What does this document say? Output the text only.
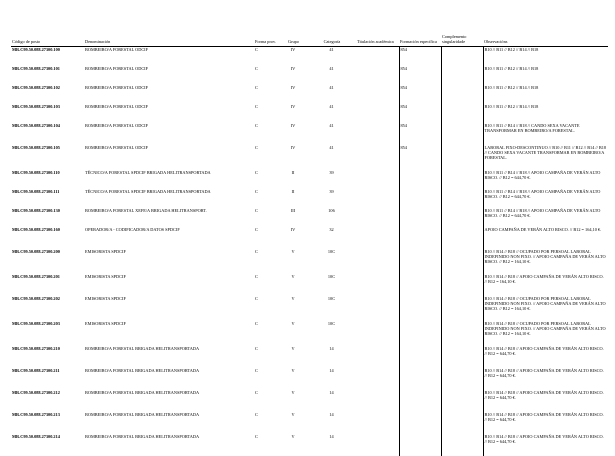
Código de posto	Denominación	Forma prov.	Grupo	Categoría	Titulación académica	Formación específica	Complemento singularidade	Observacións
MR.C99.50.088.27300.100	BOMBEIRO/A FORESTAL ODCIF	C	IV	41		854		B10 // B11 // B12 // B14 // B18
MR.C99.50.088.27300.101	BOMBEIRO/A FORESTAL ODCIF	C	IV	41		854		B10 // B11 // B12 // B14 // B18
MR.C99.50.088.27300.102	BOMBEIRO/A FORESTAL ODCIF	C	IV	41		854		B10 // B11 // B12 // B14 // B18
MR.C99.50.088.27300.103	BOMBEIRO/A FORESTAL ODCIF	C	IV	41		854		B10 // B11 // B12 // B14 // B18
MR.C99.50.088.27300.104	BOMBEIRO/A FORESTAL ODCIF	C	IV	41		854		B10 // B11 // B14 // B18 // CANDO SEXA VACANTE TRANSFORMAR EN BOMBEIRO/A FORESTAL.
MR.C99.50.088.27300.105	BOMBEIRO/A FORESTAL ODCIF	C	IV	41		854		LABORAL FIXO-DESCONTINUO // B10 // B11 // B12 // B14 // B18 // CANDO SEXA VACANTE TRANSFORMAR EN BOMBEIRO/A FORESTAL.
MR.C99.50.088.27300.110	TÉCNICO/A FORESTAL SPDCIF BRIGADA HELITRANSPORTADA	C	II	39				B10 // B11 // B14 // B18 // APOIO CAMPAÑA DE VERÁN ALTO RISCO. // B12 = 644,70 €.
MR.C99.50.088.27300.111	TÉCNICO/A FORESTAL SPDCIF BRIGADA HELITRANSPORTADA	C	II	39				B10 // B11 // B14 // B18 // APOIO CAMPAÑA DE VERÁN ALTO RISCO. // B12 = 644,70 €.
MR.C99.50.088.27300.130	BOMBEIRO/A FORESTAL XEFE/A BRIGADA HELITRANSPORT.	C	III	106				B10 // B11 // B14 // B18 // APOIO CAMPAÑA DE VERÁN ALTO RISCO. // B12 = 644,70 €.
MR.C99.50.088.27300.160	OPERADOR/A - CODIFICADOR/A DATOS SPDCIF	C	IV	32				APOIO CAMPAÑA DE VERÁN ALTO RISCO. // B12 = 164,10 €.
MR.C99.50.088.27300.200	EMISORISTA SPDCIF	C	V	10C				B10 // B14 // B18 // OCUPADO POR PERSOAL LABORAL INDEFINIDO NON FIXO. // APOIO CAMPAÑA DE VERÁN ALTO RISCO. // B12 = 164,10 €.
MR.C99.50.088.27300.201	EMISORISTA SPDCIF	C	V	10C				B10 // B14 // B18 // APOIO CAMPAÑA DE VERÁN ALTO RISCO. // B12 = 164,10 €.
MR.C99.50.088.27300.202	EMISORISTA SPDCIF	C	V	10C				B10 // B14 // B18 // OCUPADO POR PERSOAL LABORAL INDEFINIDO NON FIXO. // APOIO CAMPAÑA DE VERÁN ALTO RISCO. // B12 = 164,10 €.
MR.C99.50.088.27300.203	EMISORISTA SPDCIF	C	V	10C				B10 // B14 // B18 // OCUPADO POR PERSOAL LABORAL INDEFINIDO NON FIXO. // APOIO CAMPAÑA DE VERÁN ALTO RISCO. // B12 = 164,10 €.
MR.C99.50.088.27300.210	BOMBEIRO/A FORESTAL BRIGADA HELITRANSPORTADA	C	V	14				B10 // B14 // B18 // APOIO CAMPAÑA DE VERÁN ALTO RISCO. // B12 = 644,70 €.
MR.C99.50.088.27300.211	BOMBEIRO/A FORESTAL BRIGADA HELITRANSPORTADA	C	V	14				B10 // B14 // B18 // APOIO CAMPAÑA DE VERÁN ALTO RISCO. // B12 = 644,70 €.
MR.C99.50.088.27300.212	BOMBEIRO/A FORESTAL BRIGADA HELITRANSPORTADA	C	V	14				B10 // B14 // B18 // APOIO CAMPAÑA DE VERÁN ALTO RISCO. // B12 = 644,70 €.
MR.C99.50.088.27300.213	BOMBEIRO/A FORESTAL BRIGADA HELITRANSPORTADA	C	V	14				B10 // B14 // B18 // APOIO CAMPAÑA DE VERÁN ALTO RISCO. // B12 = 644,70 €.
MR.C99.50.088.27300.214	BOMBEIRO/A FORESTAL BRIGADA HELITRANSPORTADA	C	V	14				B10 // B14 // B18 // APOIO CAMPAÑA DE VERÁN ALTO RISCO. // B12 = 644,70 €.
